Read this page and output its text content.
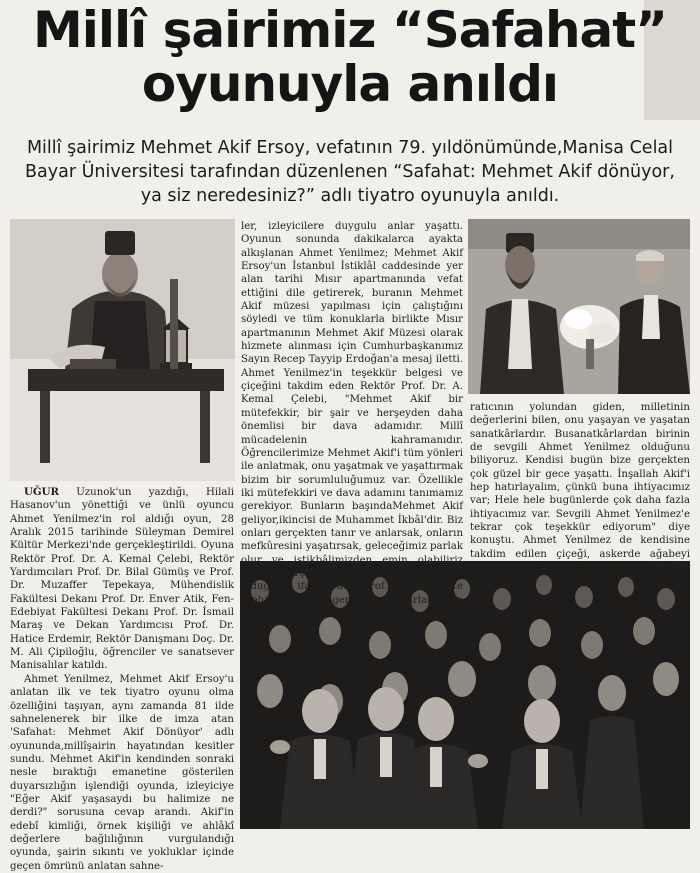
Millî şairimiz “Safahat”
oyunuyla anıldı
Millî şairimiz Mehmet Akif Ersoy, vefatının 79. yıldönümünde,Manisa Celal Bayar Üniversitesi tarafından düzenlenen “Safahat: Mehmet Akif dönüyor, ya siz neredesiniz?” adlı tiyatro oyunuyla anıldı.

UĞUR Uzunok'un yazdığı, Hilali Hasanov'un yönettiği ve ünlü oyuncu Ahmet Yenilmez'in rol aldığı oyun, 28 Aralık 2015 tarihinde Süleyman Demirel Kültür Merkezi'nde gerçekleştirildi. Oyuna Rektör Prof. Dr. A. Kemal Çelebi, Rektör Yardımcıları Prof. Dr. Bilal Gümüş ve Prof. Dr. Muzaffer Tepekaya, Mühendislik Fakültesi Dekanı Prof. Dr. Enver Atik, Fen-Edebiyat Fakültesi Dekanı Prof. Dr. İsmail Maraş ve Dekan Yardımcısı Prof. Dr. Hatice Erdemir, Rektör Danışmanı Doç. Dr. M. Ali Çipiloğlu, öğrenciler ve sanatsever Manisalılar katıldı.

Ahmet Yenilmez, Mehmet Akif Ersoy'u anlatan ilk ve tek tiyatro oyunu olma özelliğini taşıyan, aynı zamanda 81 ilde sahnelenerek bir ilke de imza atan 'Safahat: Mehmet Akif Dönüyor' adlı oyununda,millîşairin hayatından kesitler sundu. Mehmet Akif'in kendinden sonraki nesle bıraktığı emanetine gösterilen duyarsızlığın işlendiği oyunda, izleyiciye "Eğer Akif yaşasaydı bu halimize ne derdi?" sorusuna cevap arandı. Akif'in edebî kimliği, örnek kişiliği ve ahlâkî değerlere bağlılığının vurgulandığı oyunda, şairin sıkıntı ve yokluklar içinde geçen ömrünü anlatan sahne-

ler, izleyicilere duygulu anlar yaşattı. Oyunun sonunda dakikalarca ayakta alkışlanan Ahmet Yenilmez; Mehmet Akif Ersoy'un İstanbul İstiklâl caddesinde yer alan tarihi Mısır apartmanında vefat ettiğini dile getirerek, buranın Mehmet Akif müzesi yapılması için çalıştığını söyledi ve tüm konuklarla birlikte Mısır apartmanının Mehmet Akif Müzesi olarak hizmete alınması için Cumhurbaşkanımız Sayın Recep Tayyip Erdoğan'a mesaj iletti. Ahmet Yenilmez'in teşekkür belgesi ve çiçeğini takdim eden Rektör Prof. Dr. A. Kemal Çelebi, "Mehmet Akif bir mütefekkir, bir şair ve herşeyden daha önemlisi bir dava adamıdır. Millî mücadelenin kahramanıdır. Öğrencilerimize Mehmet Akif'i tüm yönleri ile anlatmak, onu yaşatmak ve yaşattırmak bizim bir sorumluluğumuz var. Özellikle iki mütefekkiri ve dava adamını tanımamız gerekiyor. Bunların başındaMehmet Akif geliyor,ikincisi de Muhammet İkbâl'dir. Biz onları gerçekten tanır ve anlarsak, onların mefkûresini yaşatırsak, geleceğimiz parlak olur ve istikbâlimizden emin olabiliriz "dedi. Gerçek sanatkârın yüce yaratan olduğunu ifade eden Prof. Çelebi, "İşte toplumumuzdaki gerçek sanatkârlar, yüce ya-

ratıcının yolundan giden, milletinin değerlerini bilen, onu yaşayan ve yaşatan sanatkârlardır. Busanatkârlardan birinin de sevgili Ahmet Yenilmez olduğunu biliyoruz. Kendisi bugün bize gerçekten çok güzel bir gece yaşattı. İnşallah Akif'i hep hatırlayalım, çünkü buna ihtiyacımız var; Hele hele bugünlerde çok daha fazla ihtiyacımız var. Sevgili Ahmet Yenilmez'e tekrar çok teşekkür ediyorum" diye konuştu. Ahmet Yenilmez de kendisine takdim edilen çiçeği, askerde ağabeyi olan bir öğrencimize takdim etti. Haber Merkezi
